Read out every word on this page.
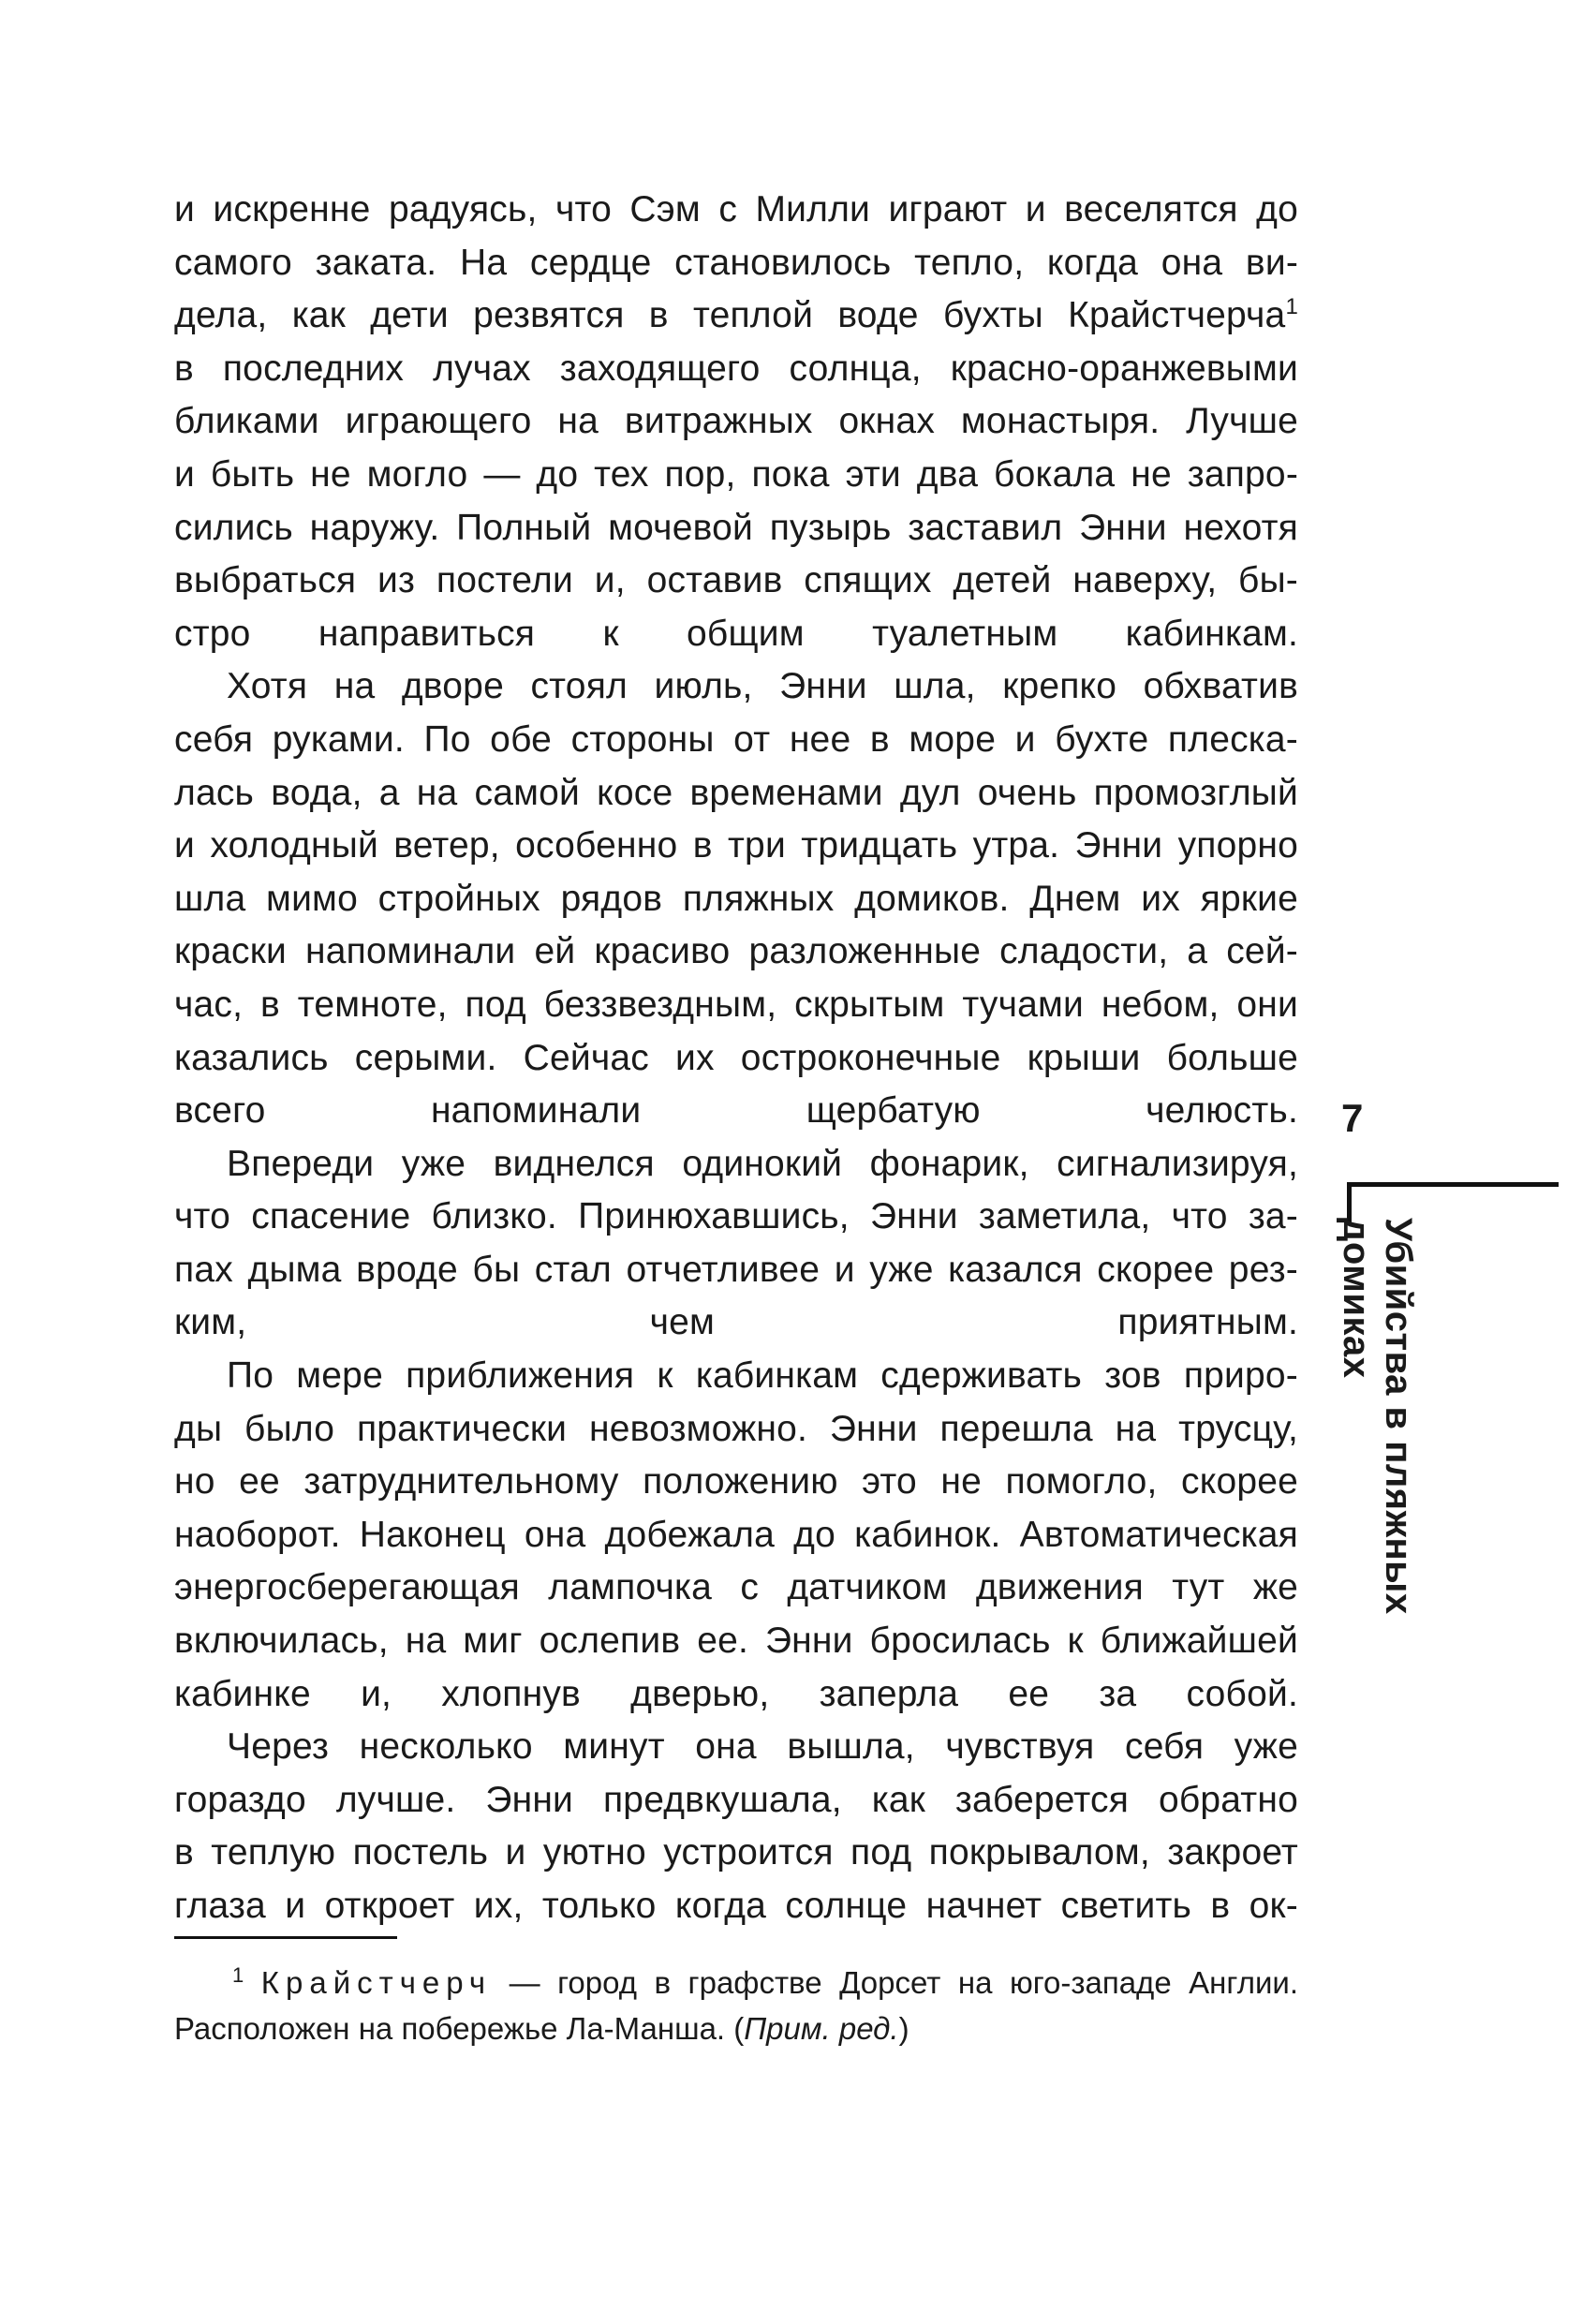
и искренне радуясь, что Сэм с Милли играют и веселятся до
самого заката. На сердце становилось тепло, когда она ви-
дела, как дети резвятся в теплой воде бухты Крайстчерча$^1$
в последних лучах заходящего солнца, красно-оранжевыми
бликами играющего на витражных окнах монастыря. Лучше
и быть не могло — до тех пор, пока эти два бокала не запро-
сились наружу. Полный мочевой пузырь заставил Энни нехотя
выбраться из постели и, оставив спящих детей наверху, бы-
стро направиться к общим туалетным кабинкам.
Хотя на дворе стоял июль, Энни шла, крепко обхватив
себя руками. По обе стороны от нее в море и бухте плеска-
лась вода, а на самой косе временами дул очень промозглый
и холодный ветер, особенно в три тридцать утра. Энни упорно
шла мимо стройных рядов пляжных домиков. Днем их яркие
краски напоминали ей красиво разложенные сладости, а сей-
час, в темноте, под беззвездным, скрытым тучами небом, они
казались серыми. Сейчас их остроконечные крыши больше
всего напоминали щербатую челюсть.
Впереди уже виднелся одинокий фонарик, сигнализируя,
что спасение близко. Принюхавшись, Энни заметила, что за-
пах дыма вроде бы стал отчетливее и уже казался скорее рез-
ким, чем приятным.
По мере приближения к кабинкам сдерживать зов приро-
ды было практически невозможно. Энни перешла на трусцу,
но ее затруднительному положению это не помогло, скорее
наоборот. Наконец она добежала до кабинок. Автоматическая
энергосберегающая лампочка с датчиком движения тут же
включилась, на миг ослепив ее. Энни бросилась к ближайшей
кабинке и, хлопнув дверью, заперла ее за собой.
Через несколько минут она вышла, чувствуя себя уже
гораздо лучше. Энни предвкушала, как заберется обратно
в теплую постель и уютно устроится под покрывалом, закроет
глаза и откроет их, только когда солнце начнет светить в ок-
7
Убийства в пляжных домиках
$^1$ Крайстчерч — город в графстве Дорсет на юго-западе Англии.
Расположен на побережье Ла-Манша. (Прим. ред.)
